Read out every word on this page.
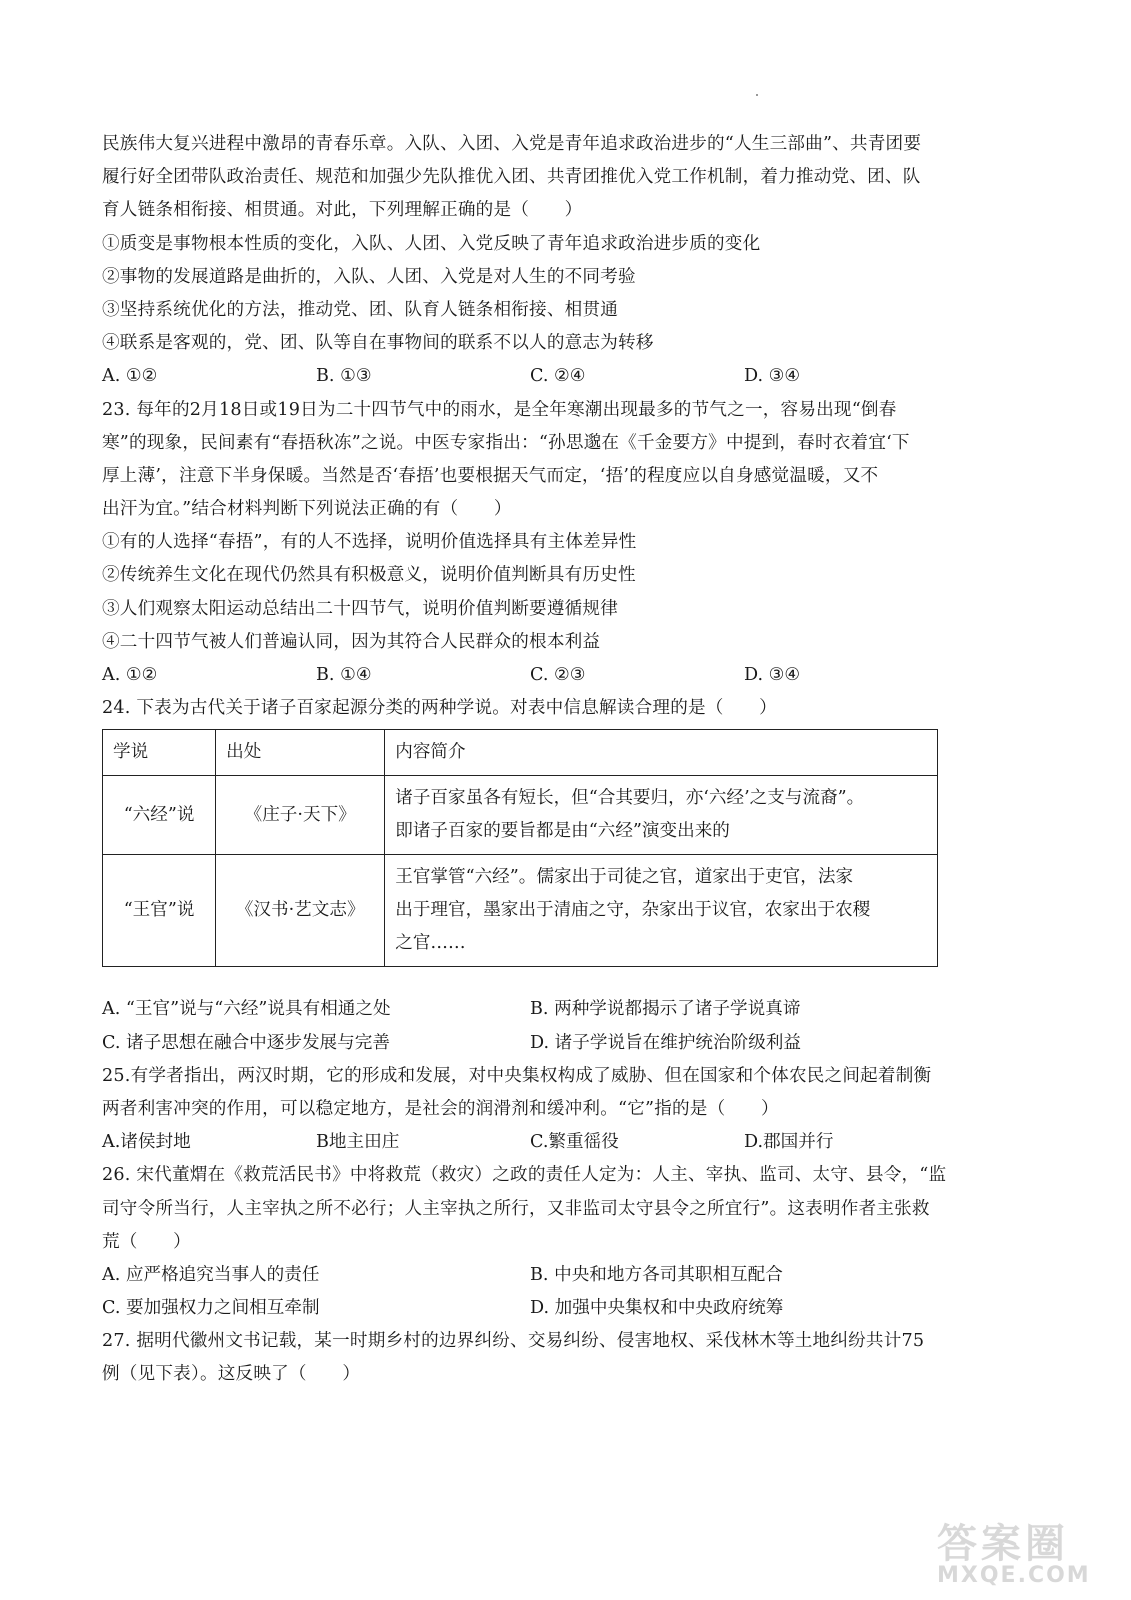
民族伟大复兴进程中激昂的青春乐章。入队、入团、入党是青年追求政治进步的“人生三部曲”、共青团要
履行好全团带队政治责任、规范和加强少先队推优入团、共青团推优入党工作机制，着力推动党、团、队
育人链条相衔接、相贯通。对此，下列理解正确的是（　　）
①质变是事物根本性质的变化，入队、人团、入党反映了青年追求政治进步质的变化
②事物的发展道路是曲折的，入队、人团、入党是对人生的不同考验
③坚持系统优化的方法，推动党、团、队育人链条相衔接、相贯通
④联系是客观的，党、团、队等自在事物间的联系不以人的意志为转移
A. ①②	B. ①③	C. ②④	D. ③④
23. 每年的2月18日或19日为二十四节气中的雨水，是全年寒潮出现最多的节气之一，容易出现“倒春
寒”的现象，民间素有“春捂秋冻”之说。中医专家指出：“孙思邈在《千金要方》中提到，春时衣着宜‘下
厚上薄’，注意下半身保暖。当然是否‘春捂’也要根据天气而定，‘捂’的程度应以自身感觉温暖，又不
出汗为宜。”结合材料判断下列说法正确的有（　　）
①有的人选择“春捂”，有的人不选择，说明价值选择具有主体差异性
②传统养生文化在现代仍然具有积极意义，说明价值判断具有历史性
③人们观察太阳运动总结出二十四节气，说明价值判断要遵循规律
④二十四节气被人们普遍认同，因为其符合人民群众的根本利益
A. ①②	B. ①④	C. ②③	D. ③④
24. 下表为古代关于诸子百家起源分类的两种学说。对表中信息解读合理的是（　　）
学说	出处	内容简介
“六经”说	《庄子·天下》	诸子百家虽各有短长，但“合其要归，亦‘六经’之支与流裔”。
即诸子百家的要旨都是由“六经”演变出来的

“王官”说	《汉书·艺文志》	王官掌管“六经”。儒家出于司徒之官，道家出于吏官，法家
出于理官，墨家出于清庙之守，杂家出于议官，农家出于农稷
之官……
A. “王官”说与“六经”说具有相通之处	B. 两种学说都揭示了诸子学说真谛
C. 诸子思想在融合中逐步发展与完善	D. 诸子学说旨在维护统治阶级利益
25.有学者指出，两汉时期，它的形成和发展，对中央集权构成了威胁、但在国家和个体农民之间起着制衡
两者利害冲突的作用，可以稳定地方，是社会的润滑剂和缓冲利。“它”指的是（　　）
A.诸侯封地	B地主田庄	C.繁重徭役	D.郡国并行
26. 宋代董煟在《救荒活民书》中将救荒（救灾）之政的责任人定为：人主、宰执、监司、太守、县令，“监
司守令所当行，人主宰执之所不必行；人主宰执之所行，又非监司太守县令之所宜行”。这表明作者主张救
荒（　　）
A. 应严格追究当事人的责任	B. 中央和地方各司其职相互配合
C. 要加强权力之间相互牵制	D. 加强中央集权和中央政府统筹
27. 据明代徽州文书记载，某一时期乡村的边界纠纷、交易纠纷、侵害地权、采伐林木等土地纠纷共计75
例（见下表）。这反映了（　　）
答案圈
MXQE.COM
